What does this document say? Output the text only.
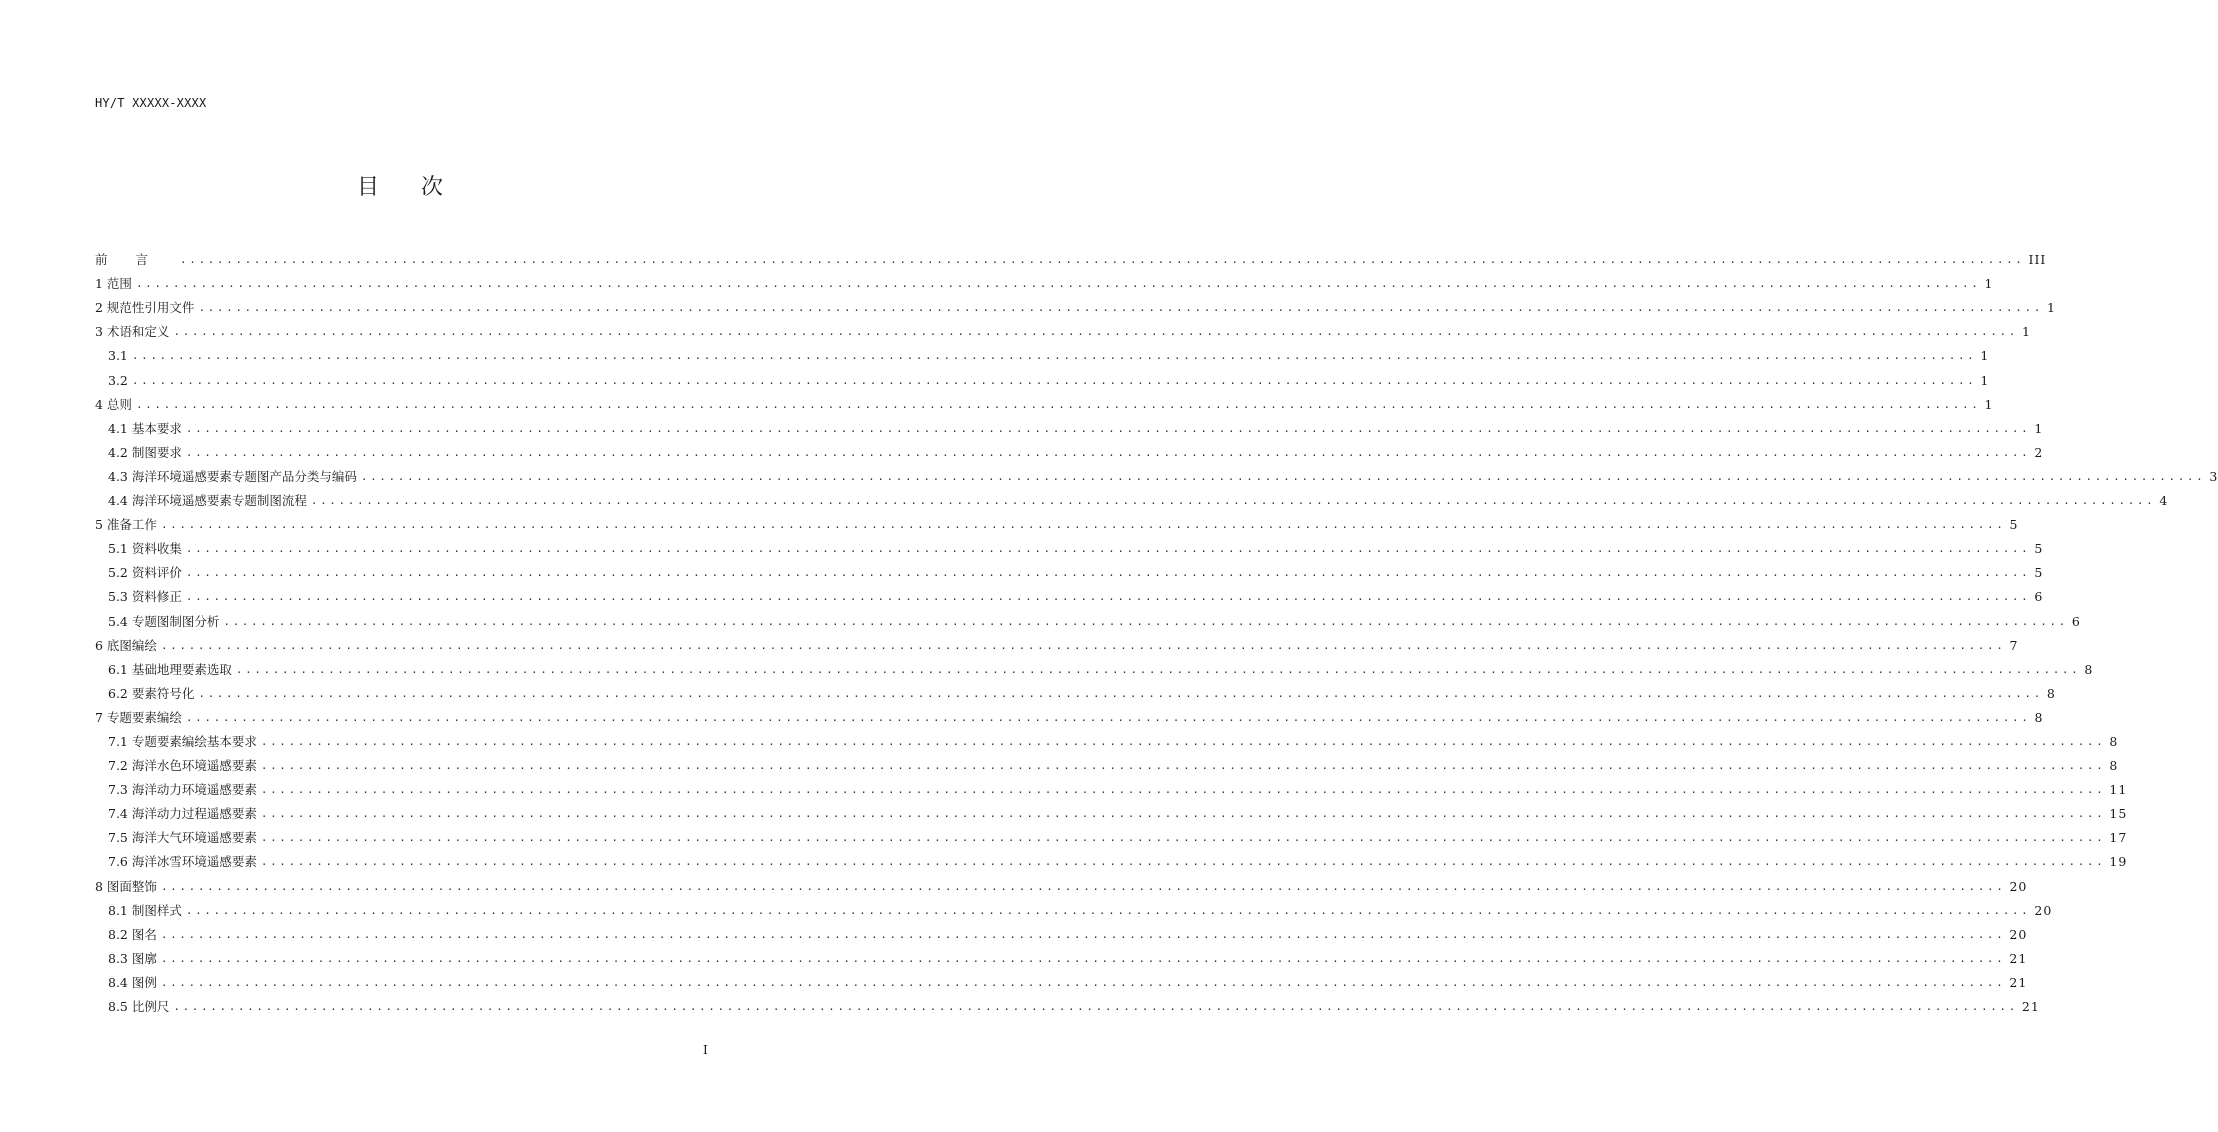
HY/T XXXXX-XXXX
目 次
前言 ........................................................................................................................................................................................................ III
1 范围 ........................................................................................................................................................................................................ 1
2 规范性引用文件 ........................................................................................................................................................................................................ 1
3 术语和定义 ........................................................................................................................................................................................................ 1
3.1 ........................................................................................................................................................................................................ 1
3.2 ........................................................................................................................................................................................................ 1
4 总则 ........................................................................................................................................................................................................ 1
4.1 基本要求 ........................................................................................................................................................................................................ 1
4.2 制图要求 ........................................................................................................................................................................................................ 2
4.3 海洋环境遥感要素专题图产品分类与编码 ........................................................................................................................................................................................................ 3
4.4 海洋环境遥感要素专题制图流程 ........................................................................................................................................................................................................ 4
5 准备工作 ........................................................................................................................................................................................................ 5
5.1 资料收集 ........................................................................................................................................................................................................ 5
5.2 资料评价 ........................................................................................................................................................................................................ 5
5.3 资料修正 ........................................................................................................................................................................................................ 6
5.4 专题图制图分析 ........................................................................................................................................................................................................ 6
6 底图编绘 ........................................................................................................................................................................................................ 7
6.1 基础地理要素选取 ........................................................................................................................................................................................................ 8
6.2 要素符号化 ........................................................................................................................................................................................................ 8
7 专题要素编绘 ........................................................................................................................................................................................................ 8
7.1 专题要素编绘基本要求 ........................................................................................................................................................................................................ 8
7.2 海洋水色环境遥感要素 ........................................................................................................................................................................................................ 8
7.3 海洋动力环境遥感要素 ........................................................................................................................................................................................................ 11
7.4 海洋动力过程遥感要素 ........................................................................................................................................................................................................ 15
7.5 海洋大气环境遥感要素 ........................................................................................................................................................................................................ 17
7.6 海洋冰雪环境遥感要素 ........................................................................................................................................................................................................ 19
8 图面整饰 ........................................................................................................................................................................................................ 20
8.1 制图样式 ........................................................................................................................................................................................................ 20
8.2 图名 ........................................................................................................................................................................................................ 20
8.3 图廓 ........................................................................................................................................................................................................ 21
8.4 图例 ........................................................................................................................................................................................................ 21
8.5 比例尺 ........................................................................................................................................................................................................ 21
I
